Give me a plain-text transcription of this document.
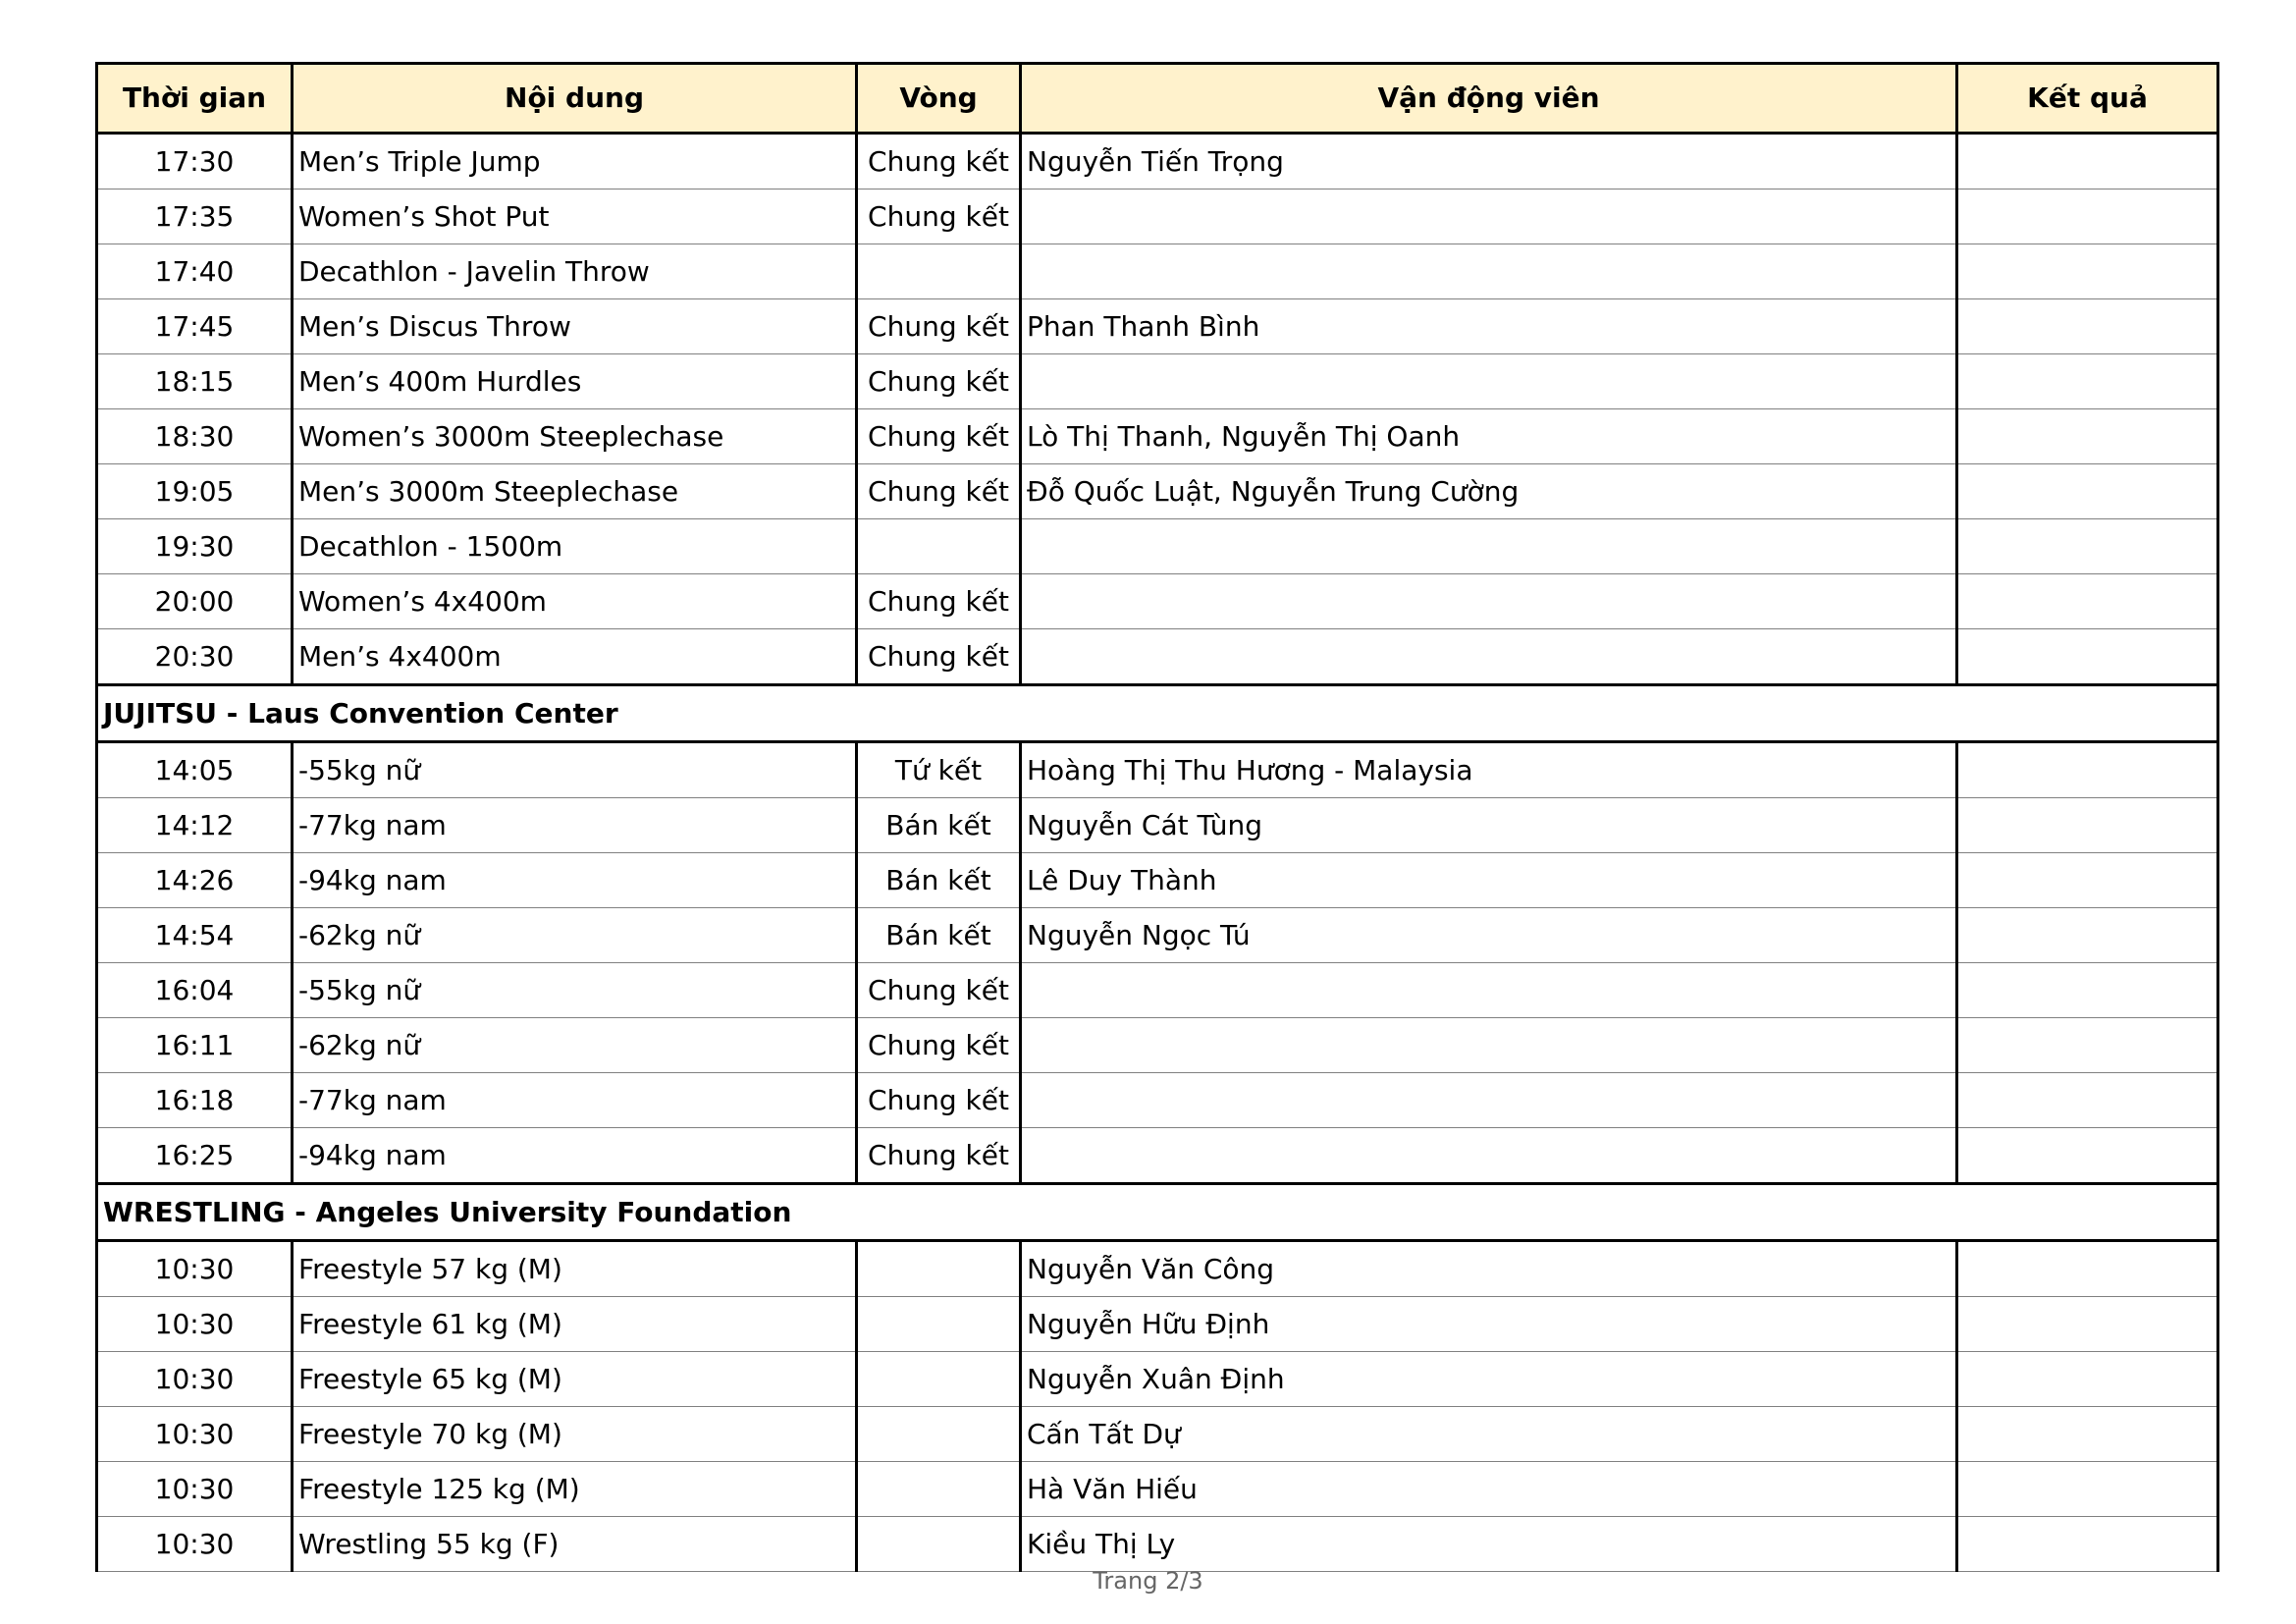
Thời gian	Nội dung	Vòng	Vận động viên	Kết quả
17:30	Men’s Triple Jump	Chung kết	Nguyễn Tiến Trọng	
17:35	Women’s Shot Put	Chung kết		
17:40	Decathlon - Javelin Throw			
17:45	Men’s Discus Throw	Chung kết	Phan Thanh Bình	
18:15	Men’s 400m Hurdles	Chung kết		
18:30	Women’s 3000m Steeplechase	Chung kết	Lò Thị Thanh, Nguyễn Thị Oanh	
19:05	Men’s 3000m Steeplechase	Chung kết	Đỗ Quốc Luật, Nguyễn Trung Cường	
19:30	Decathlon - 1500m			
20:00	Women’s 4x400m	Chung kết		
20:30	Men’s 4x400m	Chung kết		
JUJITSU - Laus Convention Center				
14:05	-55kg nữ	Tứ kết	Hoàng Thị Thu Hương - Malaysia	
14:12	-77kg nam	Bán kết	Nguyễn Cát Tùng	
14:26	-94kg nam	Bán kết	Lê Duy Thành	
14:54	-62kg nữ	Bán kết	Nguyễn Ngọc Tú	
16:04	-55kg nữ	Chung kết		
16:11	-62kg nữ	Chung kết		
16:18	-77kg nam	Chung kết		
16:25	-94kg nam	Chung kết		
WRESTLING - Angeles University Foundation				
10:30	Freestyle 57 kg (M)		Nguyễn Văn Công	
10:30	Freestyle 61 kg (M)		Nguyễn Hữu Định	
10:30	Freestyle 65 kg (M)		Nguyễn Xuân Định	
10:30	Freestyle 70 kg (M)		Cấn Tất Dự	
10:30	Freestyle 125 kg (M)		Hà Văn Hiếu	
10:30	Wrestling 55 kg (F)		Kiều Thị Ly	
Trang 2/3
